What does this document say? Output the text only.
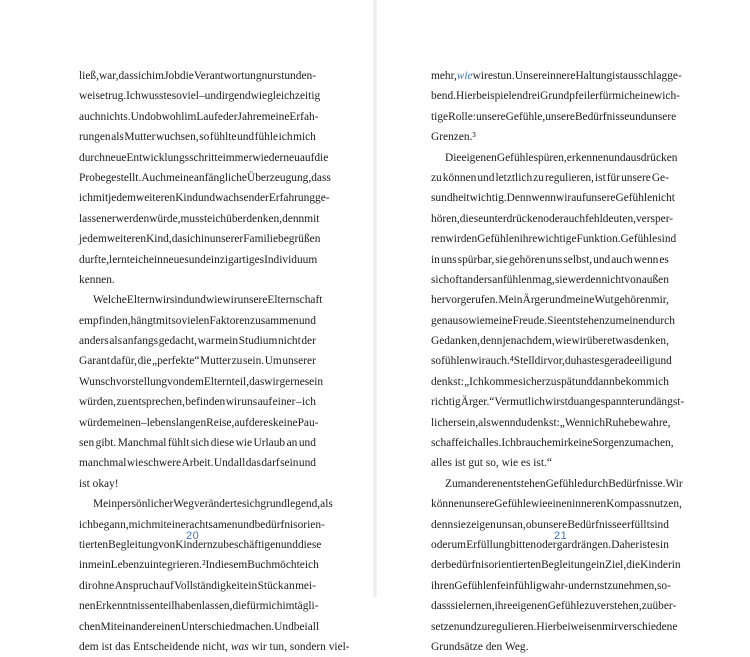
ließ, war, dass ich im Job die Verantwortung nur stunden-
weise trug. Ich wusste so viel – und irgendwie gleichzeitig
auch nichts. Und obwohl im Laufe der Jahre meine Erfah-
rungen als Mutter wuchsen, so fühlte und fühle ich mich
durch neue Entwicklungsschritte immer wieder neu auf die
Probe gestellt. Auch meine anfängliche Überzeugung, dass
ich mit jedem weiteren Kind und wachsender Erfahrung ge-
lassener werden würde, musste ich überdenken, denn mit
jedem weiteren Kind, das ich in unserer Familie begrüßen
durfte, lernte ich ein neues und einzigartiges Individuum
kennen.
Welche Eltern wir sind und wie wir unsere Elternschaft
empfinden, hängt mit so vielen Faktoren zusammen und
anders als anfangs gedacht, war mein Studium nicht der
Garant dafür, die „perfekte“ Mutter zu sein. Um unserer
Wunschvorstellung von dem Elternteil, das wir gerne sein
würden, zu entsprechen, befinden wir uns auf einer – ich
würde meinen – lebenslangen Reise, auf der es keine Pau-
sen gibt. Manchmal fühlt sich diese wie Urlaub an und
manchmal wie schwere Arbeit. Und all das darf sein und
ist okay!
Mein persönlicher Weg veränderte sich grundlegend, als
ich begann, mich mit einer achtsamen und bedürfnisorien-
tierten Begleitung von Kindern zu beschäftigen und diese
in mein Leben zu integrieren.² In diesem Buch möchte ich
dir ohne Anspruch auf Vollständigkeit ein Stück an mei-
nen Erkenntnissen teilhaben lassen, die für mich im tägli-
chen Miteinander einen Unterschied machen. Und bei all
dem ist das Entscheidende nicht, was wir tun, sondern viel-
mehr, wie wir es tun. Unsere innere Haltung ist ausschlagge-
bend. Hierbei spielen drei Grundpfeiler für mich eine wich-
tige Rolle: unsere Gefühle, unsere Bedürfnisse und unsere
Grenzen.³
Die eigenen Gefühle spüren, erkennen und ausdrücken
zu können und letztlich zu regulieren, ist für unsere Ge-
sundheit wichtig. Denn wenn wir auf unsere Gefühle nicht
hören, diese unterdrücken oder auch fehldeuten, versper-
ren wir den Gefühlen ihre wichtige Funktion. Gefühle sind
in uns spürbar, sie gehören uns selbst, und auch wenn es
sich oft anders anfühlen mag, sie werden nicht von außen
hervorgerufen. Mein Ärger und meine Wut gehören mir,
genauso wie meine Freude. Sie entstehen zum einen durch
Gedanken, denn je nachdem, wie wir über etwas denken,
so fühlen wir auch.⁴ Stell dir vor, du hast es gerade eilig und
denkst: „Ich komme sicher zu spät und dann bekomm ich
richtig Ärger.“ Vermutlich wirst du angespannter und ängst-
licher sein, als wenn du denkst: „Wenn ich Ruhe bewahre,
schaffe ich alles. Ich brauche mir keine Sorgen zu machen,
alles ist gut so, wie es ist.“
Zum anderen entstehen Gefühle durch Bedürfnisse. Wir
können unsere Gefühle wie einen inneren Kompass nutzen,
denn sie zeigen uns an, ob unsere Bedürfnisse erfüllt sind
oder um Erfüllung bitten oder gar drängen. Daher ist es in
der bedürfnisorientierten Begleitung ein Ziel, die Kinder in
ihren Gefühlen feinfühlig wahr- und ernst zu nehmen, so-
dass sie lernen, ihre eigenen Gefühle zu verstehen, zu über-
setzen und zu regulieren. Hierbei weisen mir verschiedene
Grundsätze den Weg.
20	21
